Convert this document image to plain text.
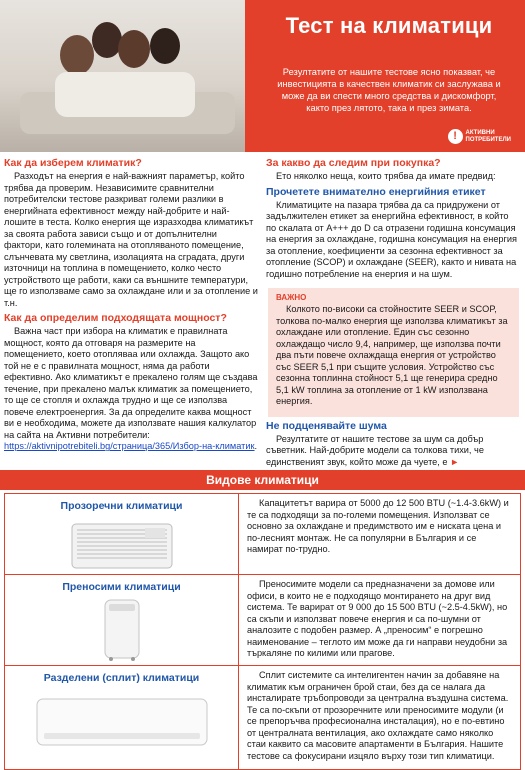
Тест на климатици
Резултатите от нашите тестове ясно показват, че инвестицията в качествен климатик си заслужава и може да ви спести много средства и дискомфорт, както през лятото, така и през зимата.
!	АКТИВНИ
ПОТРЕБИТЕЛИ
Как да изберем климатик?

Разходът на енергия е най-важният параметър, който трябва да проверим. Независимите сравнителни потребителски тестове разкриват големи разлики в енергийната ефективност между най-добрите и най-лошите в теста. Колко енергия ще изразходва климатикът за своята работа зависи също и от допълнителни фактори, като големината на отопляваното помещение, слънчевата му светлина, изолацията на сградата, други източници на топлина в помещението, колко често устройството ще работи, каки са външните температури, ще го използваме само за охлаждане или и за отопление и т.н.

Как да определим подходящата мощност?

Важна част при избора на климатик е правилната мощност, която да отговаря на размерите на помещението, което отопляваа или охлажда. Защото ако той не е с правилната мощност, няма да работи ефективно. Ако климатикът е прекалено голям ще създава течение, при прекалено малък климатик за помещението, то ще се стопля и охлажда трудно и ще се използва повече електроенергия. За да определите каква мощност ви е необходима, можете да използвате нашия калкулатор на сайта на Активни потребители: https://aktivnipotrebiteli.bg/страница/365/Избор-на-климатик.

За какво да следим при покупка?

Ето няколко неща, които трябва да имате предвид:

Прочетете внимателно енергийния етикет

Климатиците на пазара трябва да са придружени от задължителен етикет за енергийна ефективност, в който по скалата от А+++ до D са отразени годишна консумация на енергия за охлаждане, годишна консумация на енергия за отопление, коефициенти за сезонна ефективност за отопление (SCOP) и охлаждане (SEER), както и нивата на годишно потребление на енергия и на шум.

ВАЖНО

Колкото по-високи са стойностите SEER и SCOP, толкова по-малко енергия ще използва климатикът за охлаждане или отопление. Един със сезонно охлаждащо число 9,4, например, ще използва почти два пъти повече охлаждаща енергия от устройство със SEER 5,1 при същите условия. Устройство със сезонна топлинна стойност 5,1 ще генерира средно 5,1 kW топлина за отопление от 1 kW използвана енергия.

Не подценявайте шума

Резултатите от нашите тестове за шум са добър съветник. Най-добрите модели са толкова тихи, че единственият звук, който може да чуете, е ►

Видове климатици
Прозоречни климатици	Капацитетът варира от 5000 до 12 500 BTU (~1.4-3.6kW) и те са подходящи за по-големи помещения. Използват се основно за охлаждане и предимството им е ниската цена и по-лесният монтаж. Не са популярни в България и се намират по-трудно.

Преносими климатици	Преносимите модели са предназначени за домове или офиси, в които не е подходящо монтирането на друг вид система. Те варират от 9 000 до 15 500 BTU (~2.5-4.5kW), но са скъпи и използват повече енергия и са по-шумни от аналозите с подобен размер. А „преносим“ е погрешно наименование – теглото им може да ги направи неудобни за търкаляне по килими или прагове.

Разделени (сплит) климатици	Сплит системите са интелигентен начин за добавяне на климатик към ограничен брой стаи, без да се налага да инсталирате тръбопроводи за централна въздушна система. Те са по-скъпи от прозоречните или преносимите модули (и се препоръчва професионална инсталация), но е по-евтино от централната вентилация, ако охлаждате само няколко стаи каквито са масовите апартаменти в България. Нашите тестове са фокусирани изцяло върху този тип климатици.
